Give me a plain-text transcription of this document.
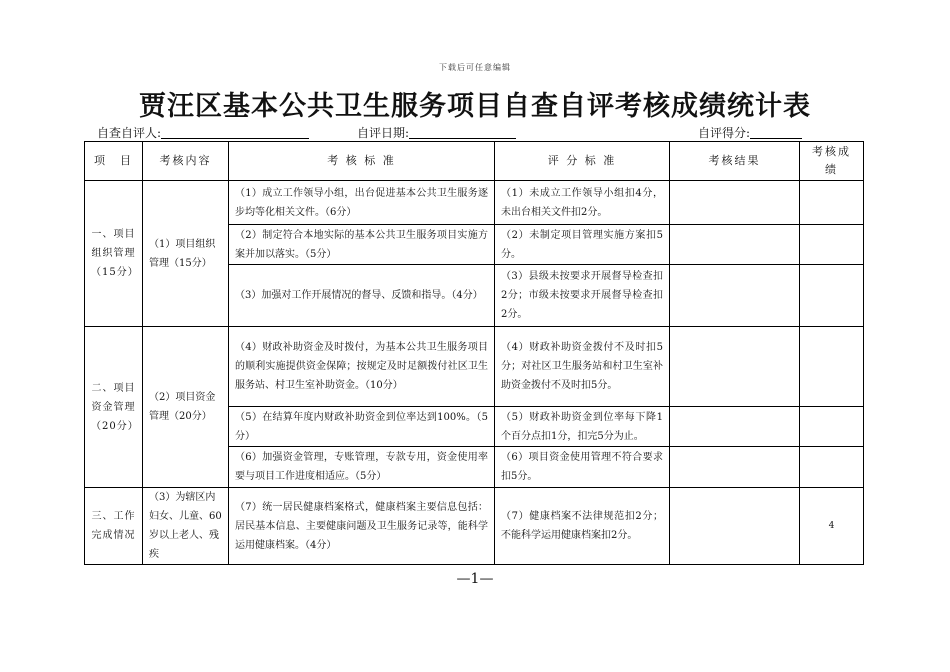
下载后可任意编辑
贾汪区基本公共卫生服务项目自查自评考核成绩统计表
自查自评人:	自评日期:	自评得分:
项　目	考核内容	考 核 标 准	评 分 标 准	考核结果	考核成绩
一、项目组织管理（15分）	（1）项目组织管理（15分）	（1）成立工作领导小组，出台促进基本公共卫生服务逐步均等化相关文件。（6分）	（1）未成立工作领导小组扣4分，未出台相关文件扣2分。		
		（2）制定符合本地实际的基本公共卫生服务项目实施方案并加以落实。（5分）	（2）未制定项目管理实施方案扣5分。		
		（3）加强对工作开展情况的督导、反馈和指导。（4分）	（3）县级未按要求开展督导检查扣2分；市级未按要求开展督导检查扣2分。		
二、项目资金管理（20分）	（2）项目资金管理（20分）	（4）财政补助资金及时拨付，为基本公共卫生服务项目的顺利实施提供资金保障；按规定及时足额拨付社区卫生服务站、村卫生室补助资金。（10分）	（4）财政补助资金拨付不及时扣5分；对社区卫生服务站和村卫生室补助资金拨付不及时扣5分。		
		（5）在结算年度内财政补助资金到位率达到100%。（5分）	（5）财政补助资金到位率每下降1个百分点扣1分，扣完5分为止。		
		（6）加强资金管理，专账管理，专款专用，资金使用率要与项目工作进度相适应。（5分）	（6）项目资金使用管理不符合要求扣5分。		
三、工作完成情况	（3）为辖区内妇女、儿童、60岁以上老人、残疾	（7）统一居民健康档案格式，健康档案主要信息包括：居民基本信息、主要健康问题及卫生服务记录等，能科学运用健康档案。（4分）	（7）健康档案不法律规范扣2分；不能科学运用健康档案扣2分。		4
—1—
